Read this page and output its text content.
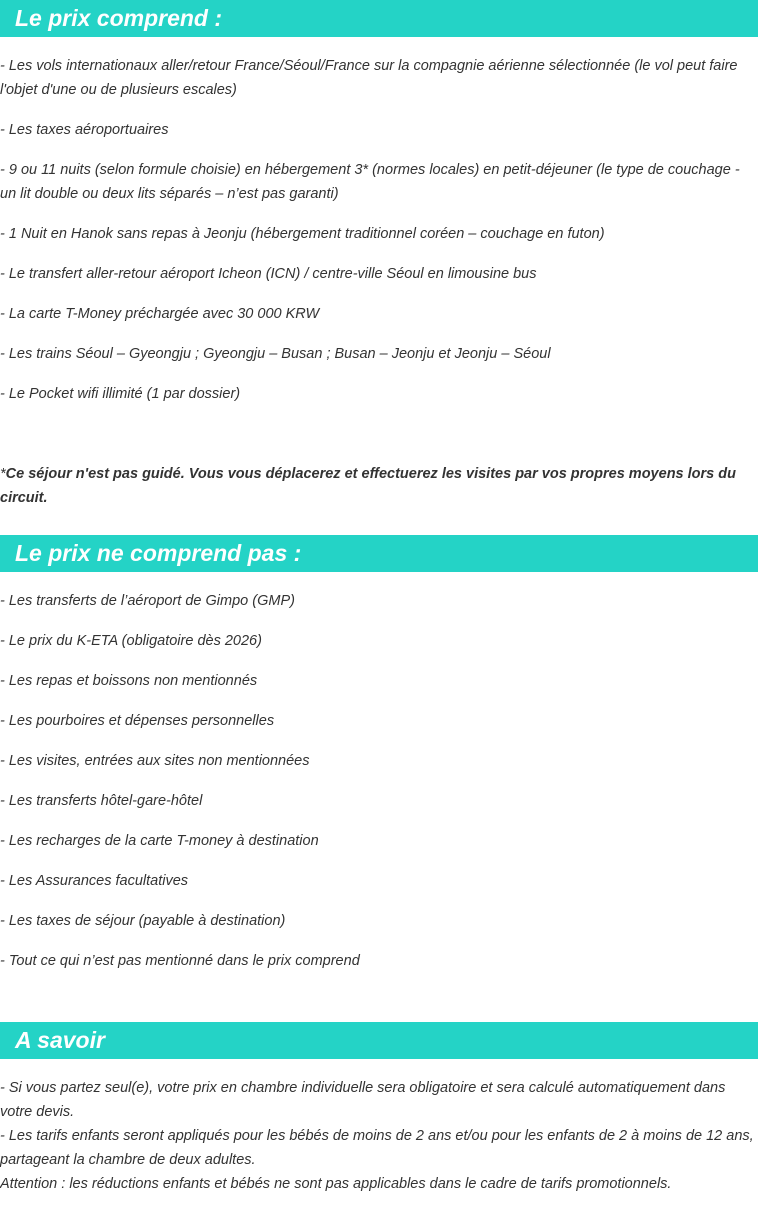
Le prix comprend :

- Les vols internationaux aller/retour France/Séoul/France sur la compagnie aérienne sélectionnée (le vol peut faire l'objet d'une ou de plusieurs escales)

- Les taxes aéroportuaires

- 9 ou 11 nuits (selon formule choisie) en hébergement 3* (normes locales) en petit-déjeuner (le type de couchage - un lit double ou deux lits séparés – n’est pas garanti)

- 1 Nuit en Hanok sans repas à Jeonju (hébergement traditionnel coréen – couchage en futon)

- Le transfert aller-retour aéroport Icheon (ICN) / centre-ville Séoul en limousine bus

- La carte T-Money préchargée avec 30 000 KRW

- Les trains Séoul – Gyeongju ; Gyeongju – Busan ; Busan – Jeonju et Jeonju – Séoul

- Le Pocket wifi illimité (1 par dossier)

*Ce séjour n'est pas guidé. Vous vous déplacerez et effectuerez les visites par vos propres moyens lors du circuit.

Le prix ne comprend pas :

- Les transferts de l’aéroport de Gimpo (GMP)

- Le prix du K-ETA (obligatoire dès 2026)

- Les repas et boissons non mentionnés

- Les pourboires et dépenses personnelles

- Les visites, entrées aux sites non mentionnées

- Les transferts hôtel-gare-hôtel

- Les recharges de la carte T-money à destination

- Les Assurances facultatives

- Les taxes de séjour (payable à destination)

- Tout ce qui n’est pas mentionné dans le prix comprend

A savoir

- Si vous partez seul(e), votre prix en chambre individuelle sera obligatoire et sera calculé automatiquement dans votre devis.

- Les tarifs enfants seront appliqués pour les bébés de moins de 2 ans et/ou pour les enfants de 2 à moins de 12 ans, partageant la chambre de deux adultes.

Attention : les réductions enfants et bébés ne sont pas applicables dans le cadre de tarifs promotionnels.
